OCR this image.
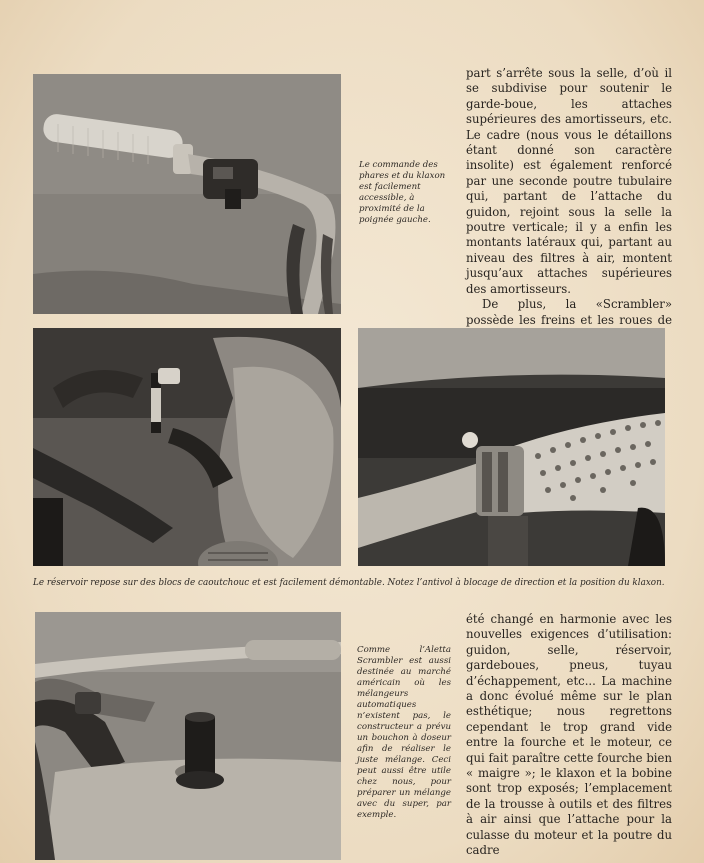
Le commande des phares et du klaxon est facilement accessible, à proximité de la poignée gauche.

part s’arrête sous la selle, d’où il se subdivise pour soutenir le garde-boue, les attaches supérieures des amortisseurs, etc. Le cadre (nous vous le détaillons étant donné son caractère insolite) est également renforcé par une seconde poutre tubulaire qui, partant de l’attache du guidon, rejoint sous la selle la poutre verticale; il y a enfin les montants latéraux qui, partant au niveau des filtres à air, montent jusqu’aux attaches supérieures des amortisseurs.

De plus, la «Scrambler» possède les freins et les roues de

Le réservoir repose sur des blocs de caoutchouc et est facilement démontable. Notez l’antivol à blocage de direction et la position du klaxon.
Comme l’Aletta Scrambler est aussi destinée au marché américain où les mélangeurs automatiques n’existent pas, le constructeur a prévu un bouchon à doseur afin de réaliser le juste mélange. Ceci peut aussi être utile chez nous, pour préparer un mélange avec du super, par exemple.

été changé en harmonie avec les nouvelles exigences d’utilisation: guidon, selle, réservoir, gardeboues, pneus, tuyau d’échappement, etc... La machine a donc évolué même sur le plan esthétique; nous regrettons cependant le trop grand vide entre la fourche et le moteur, ce qui fait paraître cette fourche bien « maigre »; le klaxon et la bobine sont trop exposés; l’emplacement de la trousse à outils et des filtres à air ainsi que l’attache pour la culasse du moteur et la poutre du cadre
